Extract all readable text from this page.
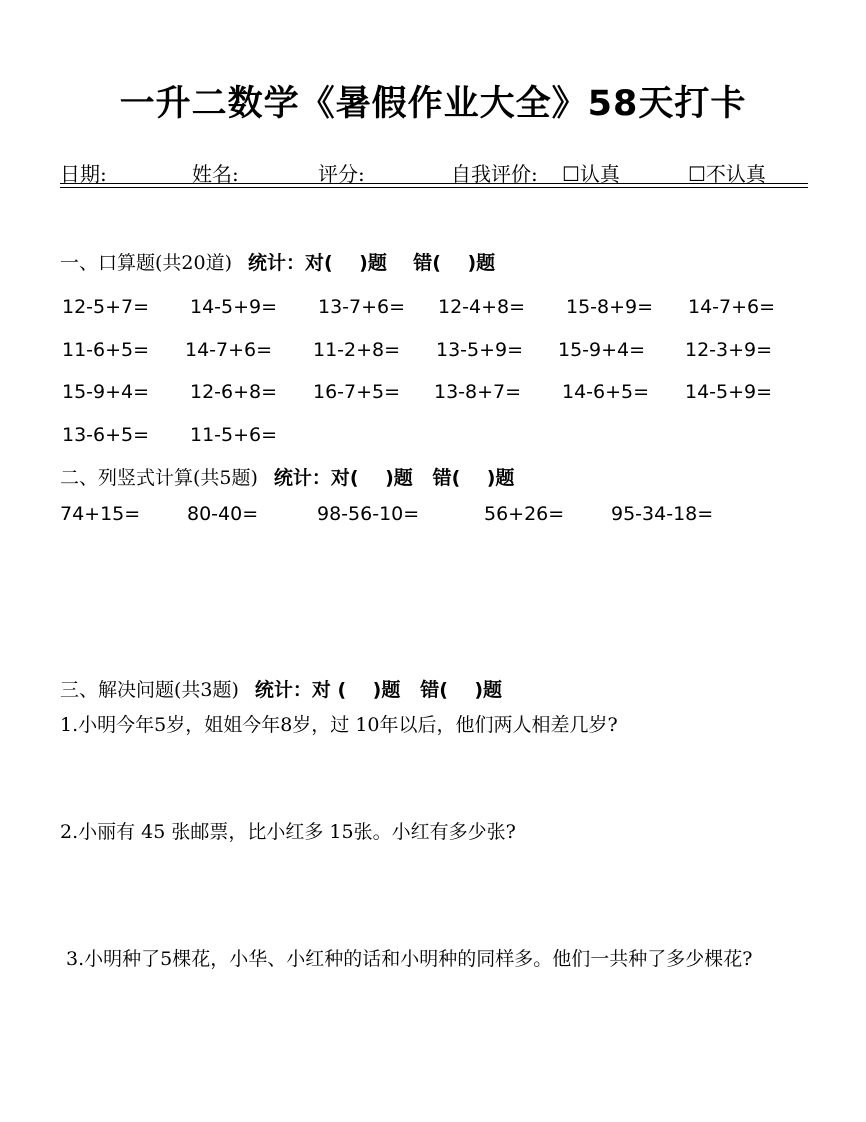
一升二数学《暑假作业大全》58天打卡
日期:	姓名:	评分:	自我评价: ☐认真	☐不认真
一、口算题(共20道) 统计：对(    )题    错(    )题
12-5+7= 14-5+9= 13-7+6= 12-4+8= 15-8+9= 14-7+6=
11-6+5= 14-7+6= 11-2+8= 13-5+9= 15-9+4= 12-3+9=
15-9+4= 12-6+8= 16-7+5= 13-8+7= 14-6+5= 14-5+9=
13-6+5= 11-5+6=
二、列竖式计算(共5题) 统计：对(    )题   错(    )题
74+15= 80-40=	98-56-10=	56+26= 95-34-18=
三、解决问题(共3题) 统计：对 (    )题   错(    )题
1.小明今年5岁，姐姐今年8岁，过 10年以后，他们两人相差几岁?
2.小丽有 45 张邮票，比小红多 15张。小红有多少张?
3.小明种了5棵花，小华、小红种的话和小明种的同样多。他们一共种了多少棵花?
